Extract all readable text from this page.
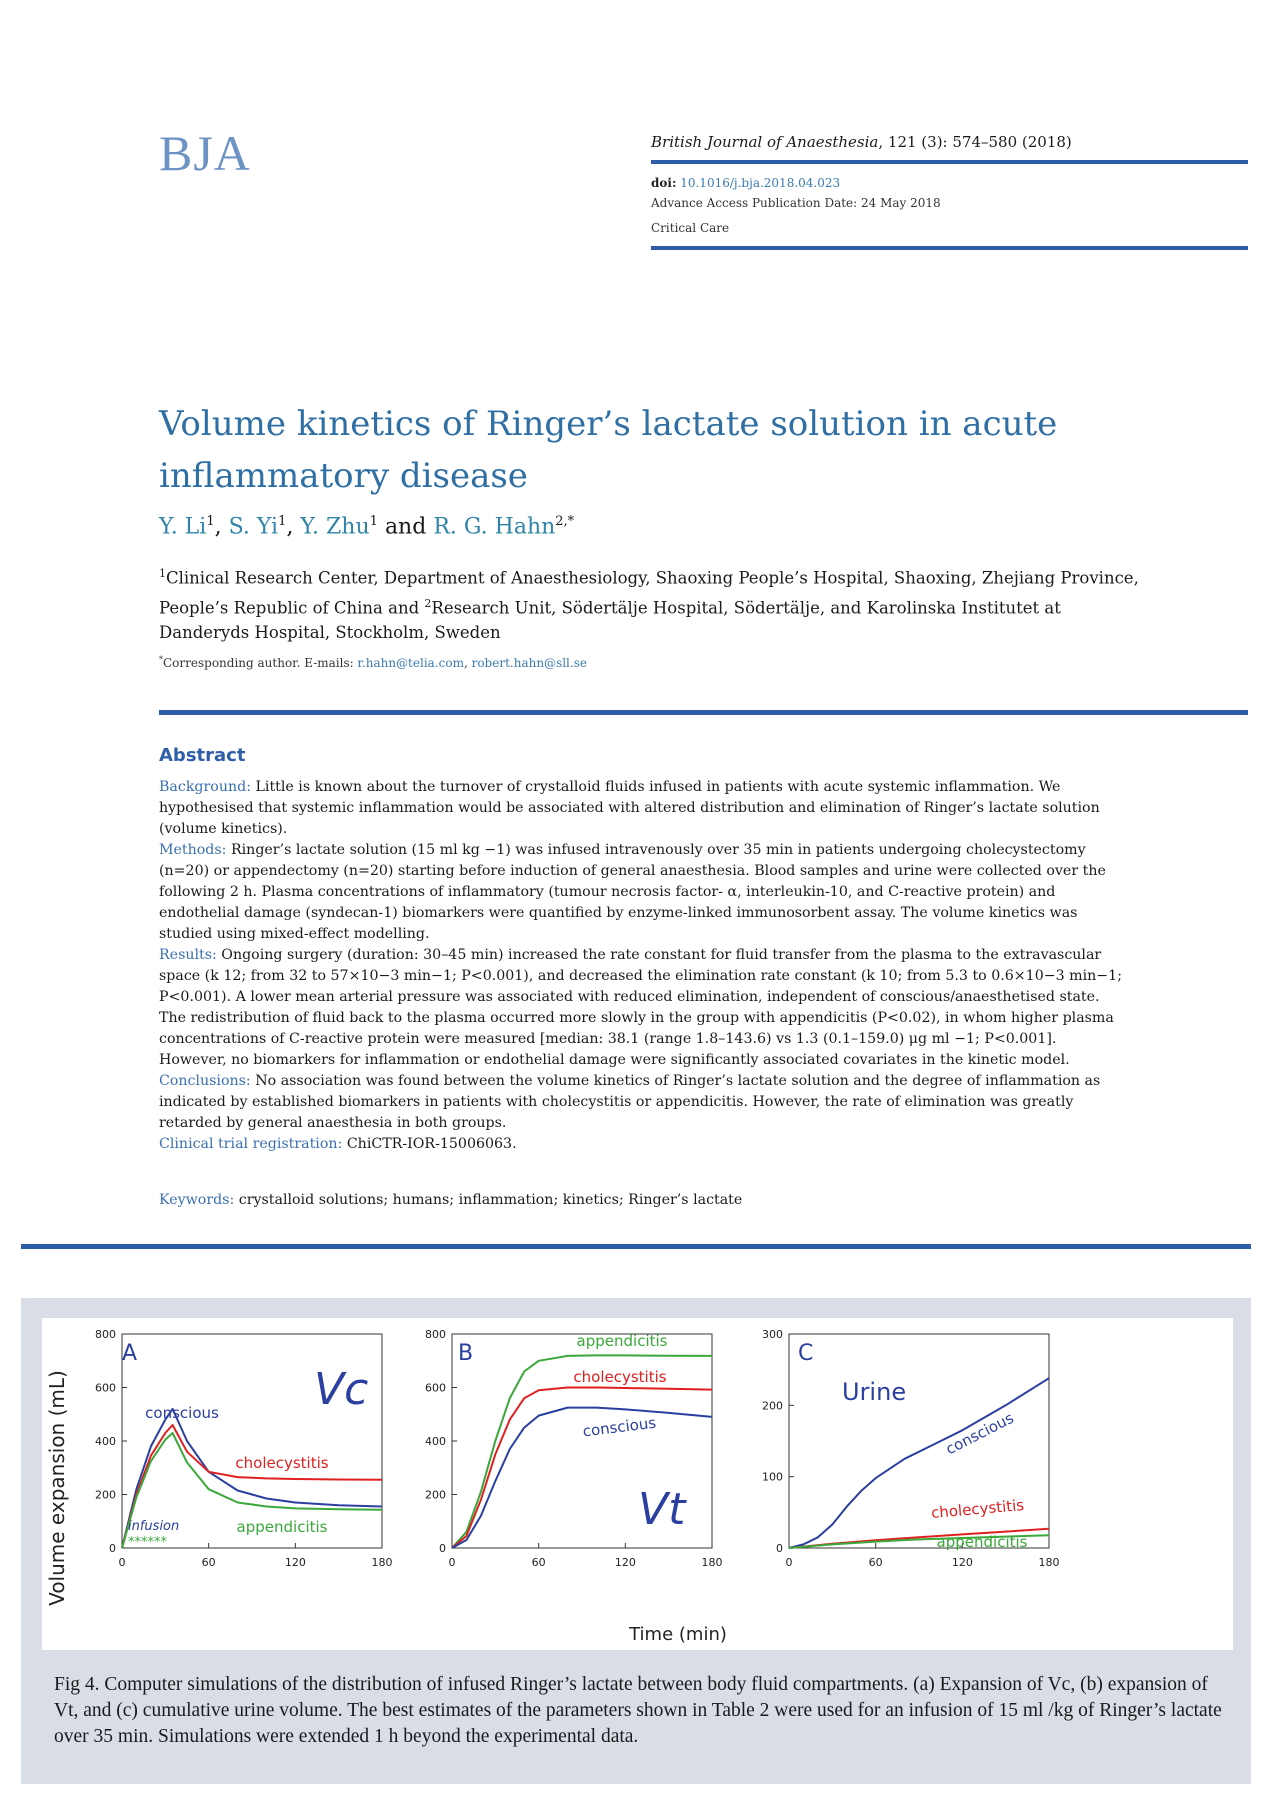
BJA	British Journal of Anaesthesia, 121 (3): 574–580 (2018)
doi: 10.1016/j.bja.2018.04.023
Advance Access Publication Date: 24 May 2018
Critical Care
Volume kinetics of Ringer’s lactate solution in acute inflammatory disease
Y. Li$^1$, S. Yi$^1$, Y. Zhu$^1$ and R. G. Hahn$^{2,*}$
$^1$Clinical Research Center, Department of Anaesthesiology, Shaoxing People’s Hospital, Shaoxing, Zhejiang Province, People’s Republic of China and $^2$Research Unit, Södertälje Hospital, Södertälje, and Karolinska Institutet at Danderyds Hospital, Stockholm, Sweden
*Corresponding author. E-mails: r.hahn@telia.com, robert.hahn@sll.se
Abstract

Background: Little is known about the turnover of crystalloid fluids infused in patients with acute systemic inflammation. We hypothesised that systemic inflammation would be associated with altered distribution and elimination of Ringer’s lactate solution (volume kinetics).

Methods: Ringer’s lactate solution (15 ml kg −1) was infused intravenously over 35 min in patients undergoing cholecystectomy (n=20) or appendectomy (n=20) starting before induction of general anaesthesia. Blood samples and urine were collected over the following 2 h. Plasma concentrations of inflammatory (tumour necrosis factor- α, interleukin-10, and C-reactive protein) and endothelial damage (syndecan-1) biomarkers were quantified by enzyme-linked immunosorbent assay. The volume kinetics was studied using mixed-effect modelling.

Results: Ongoing surgery (duration: 30–45 min) increased the rate constant for fluid transfer from the plasma to the extravascular space (k 12; from 32 to 57×10−3 min−1; P<0.001), and decreased the elimination rate constant (k 10; from 5.3 to 0.6×10−3 min−1; P<0.001). A lower mean arterial pressure was associated with reduced elimination, independent of conscious/anaesthetised state. The redistribution of fluid back to the plasma occurred more slowly in the group with appendicitis (P<0.02), in whom higher plasma concentrations of C-reactive protein were measured [median: 38.1 (range 1.8–143.6) vs 1.3 (0.1–159.0) μg ml −1; P<0.001]. However, no biomarkers for inflammation or endothelial damage were significantly associated covariates in the kinetic model.

Conclusions: No association was found between the volume kinetics of Ringer’s lactate solution and the degree of inflammation as indicated by established biomarkers in patients with cholecystitis or appendicitis. However, the rate of elimination was greatly retarded by general anaesthesia in both groups.

Clinical trial registration: ChiCTR-IOR-15006063.

Keywords: crystalloid solutions; humans; inflammation; kinetics; Ringer’s lactate
Volume expansion (mL)
Time (min)
0	60	120	180
0
200
400
600
800
conscious
cholecystitis
appendicitis
A
Vc
infusion
******
0	60	120	180
0
200
400
600
800	appendicitis
cholecystitis
conscious
B
Vt
0	60	120	180
0
100
200
300
conscious
cholecystitis
appendicitis
C
Urine
Fig 4. Computer simulations of the distribution of infused Ringer’s lactate between body fluid compartments. (a) Expansion of Vc, (b) expansion of Vt, and (c) cumulative urine volume. The best estimates of the parameters shown in Table 2 were used for an infusion of 15 ml /kg of Ringer’s lactate over 35 min. Simulations were extended 1 h beyond the experimental data.
